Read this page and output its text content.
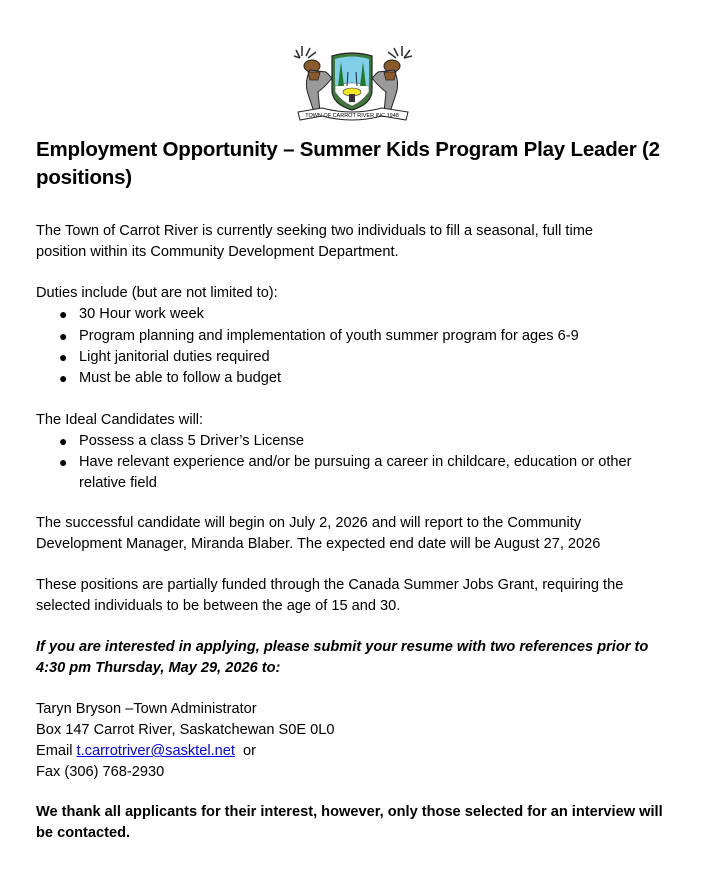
TOWN OF CARROT RIVER INC 1948
Employment Opportunity – Summer Kids Program Play Leader (2 positions)
The Town of Carrot River is currently seeking two individuals to fill a seasonal, full time
position within its Community Development Department.
Duties include (but are not limited to):
● 30 Hour work week
● Program planning and implementation of youth summer program for ages 6-9
● Light janitorial duties required
● Must be able to follow a budget
The Ideal Candidates will:
● Possess a class 5 Driver’s License
● Have relevant experience and/or be pursuing a career in childcare, education or other
relative field
The successful candidate will begin on July 2, 2026 and will report to the Community
Development Manager, Miranda Blaber. The expected end date will be August 27, 2026
These positions are partially funded through the Canada Summer Jobs Grant, requiring the
selected individuals to be between the age of 15 and 30.
If you are interested in applying, please submit your resume with two references prior to
4:30 pm Thursday, May 29, 2026 to:
Taryn Bryson –Town Administrator
Box 147 Carrot River, Saskatchewan S0E 0L0
Email t.carrotriver@sasktel.net  or
Fax (306) 768-2930
We thank all applicants for their interest, however, only those selected for an interview will
be contacted.
